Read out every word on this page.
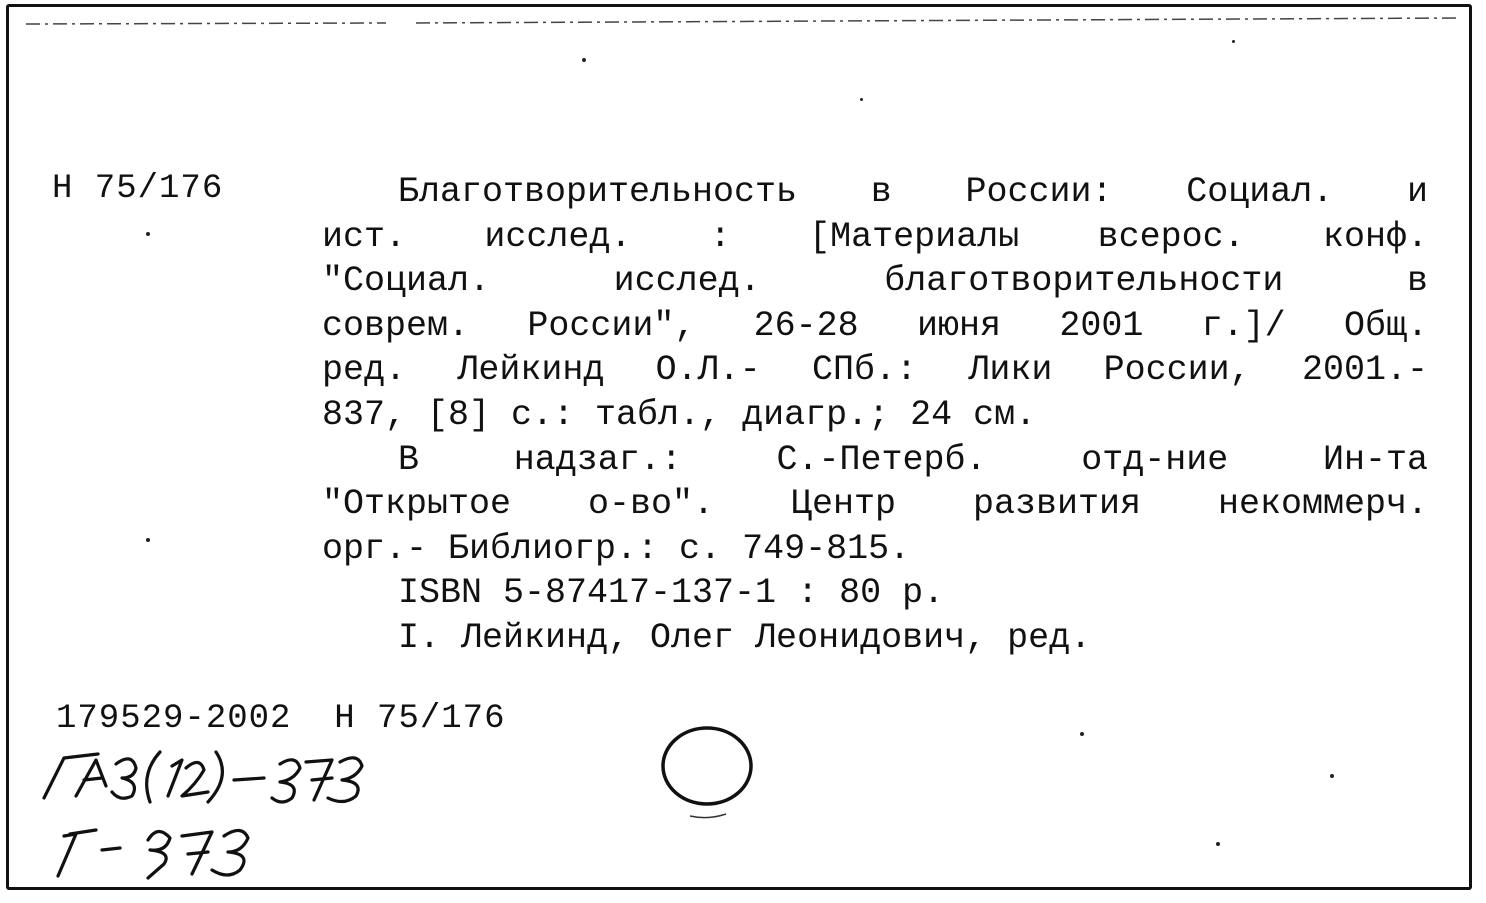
Н 75/176	Благотворительность в России: Социал. и
ист. исслед. : [Материалы всерос. конф.
"Социал. исслед. благотворительности в
соврем. России", 26-28 июня 2001 г.]/ Общ.
ред. Лейкинд О.Л.- СПб.: Лики России, 2001.-
837, [8] с.: табл., диагр.; 24 см.
В надзаг.: С.-Петерб. отд-ние Ин-та
"Открытое о-во". Центр развития некоммерч.
орг.- Библиогр.: с. 749-815.
ISBN 5-87417-137-1 : 80 р.
I. Лейкинд, Олег Леонидович, ред.
179529-2002  Н 75/176
